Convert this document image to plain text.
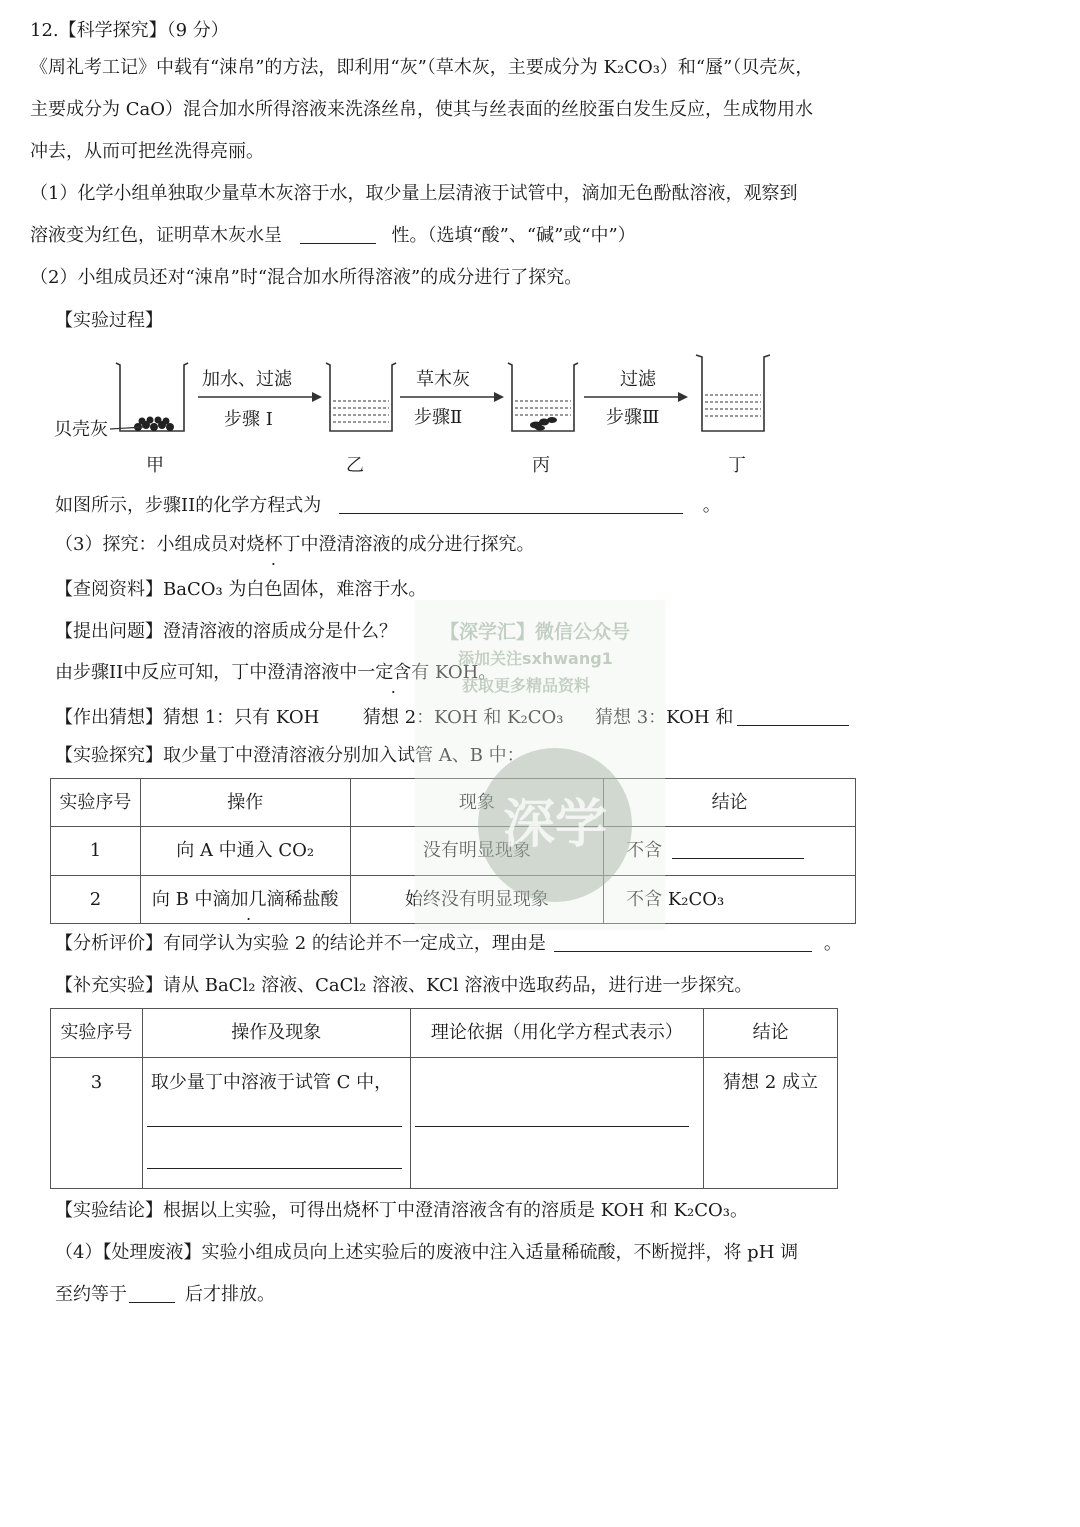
12.【科学探究】（9 分）
《周礼考工记》中载有“涑帛”的方法，即利用“灰”（草木灰，主要成分为 K₂CO₃）和“蜃”（贝壳灰，
主要成分为 CaO）混合加水所得溶液来洗涤丝帛，使其与丝表面的丝胶蛋白发生反应，生成物用水
冲去，从而可把丝洗得亮丽。
（1）化学小组单独取少量草木灰溶于水，取少量上层清液于试管中，滴加无色酚酞溶液，观察到
溶液变为红色，证明草木灰水呈	性。（选填“酸”、“碱”或“中”）
（2）小组成员还对“涑帛”时“混合加水所得溶液”的成分进行了探究。
【实验过程】
贝壳灰
加水、过滤
步骤 I
草木灰
步骤Ⅱ
过滤
步骤Ⅲ
甲	乙	丙	丁
如图所示，步骤II的化学方程式为	。
（3）探究：小组成员对烧杯丁中澄清溶液的成分进行探究。
【查阅资料】BaCO₃ 为白色固体，难溶于水。
【提出问题】澄清溶液的溶质成分是什么？
由步骤II中反应可知，丁中澄清溶液中一定含有 KOH。
【作出猜想】 猜想 1：只有 KOH 猜想 2：KOH 和 K₂CO₃ 猜想 3：KOH 和
【实验探究】取少量丁中澄清溶液分别加入试管 A、B 中：
实验序号	操作	现象	结论
1	向 A 中通入 CO₂	没有明显现象	不含
2	向 B 中滴加几滴稀盐酸	始终没有明显现象	不含 K₂CO₃
【分析评价】有同学认为实验 2 的结论并不一定成立，理由是	。
【补充实验】请从 BaCl₂ 溶液、CaCl₂ 溶液、KCl 溶液中选取药品，进行进一步探究。
实验序号	操作及现象	理论依据（用化学方程式表示）	结论
3	取少量丁中溶液于试管 C 中，		猜想 2 成立
【实验结论】根据以上实验，可得出烧杯丁中澄清溶液含有的溶质是 KOH 和 K₂CO₃。
（4）【处理废液】实验小组成员向上述实验后的废液中注入适量稀硫酸，不断搅拌，将 pH 调
至约等于	后才排放。
【深学汇】微信公众号
添加关注sxhwang1
获取更多精品资料
深学
